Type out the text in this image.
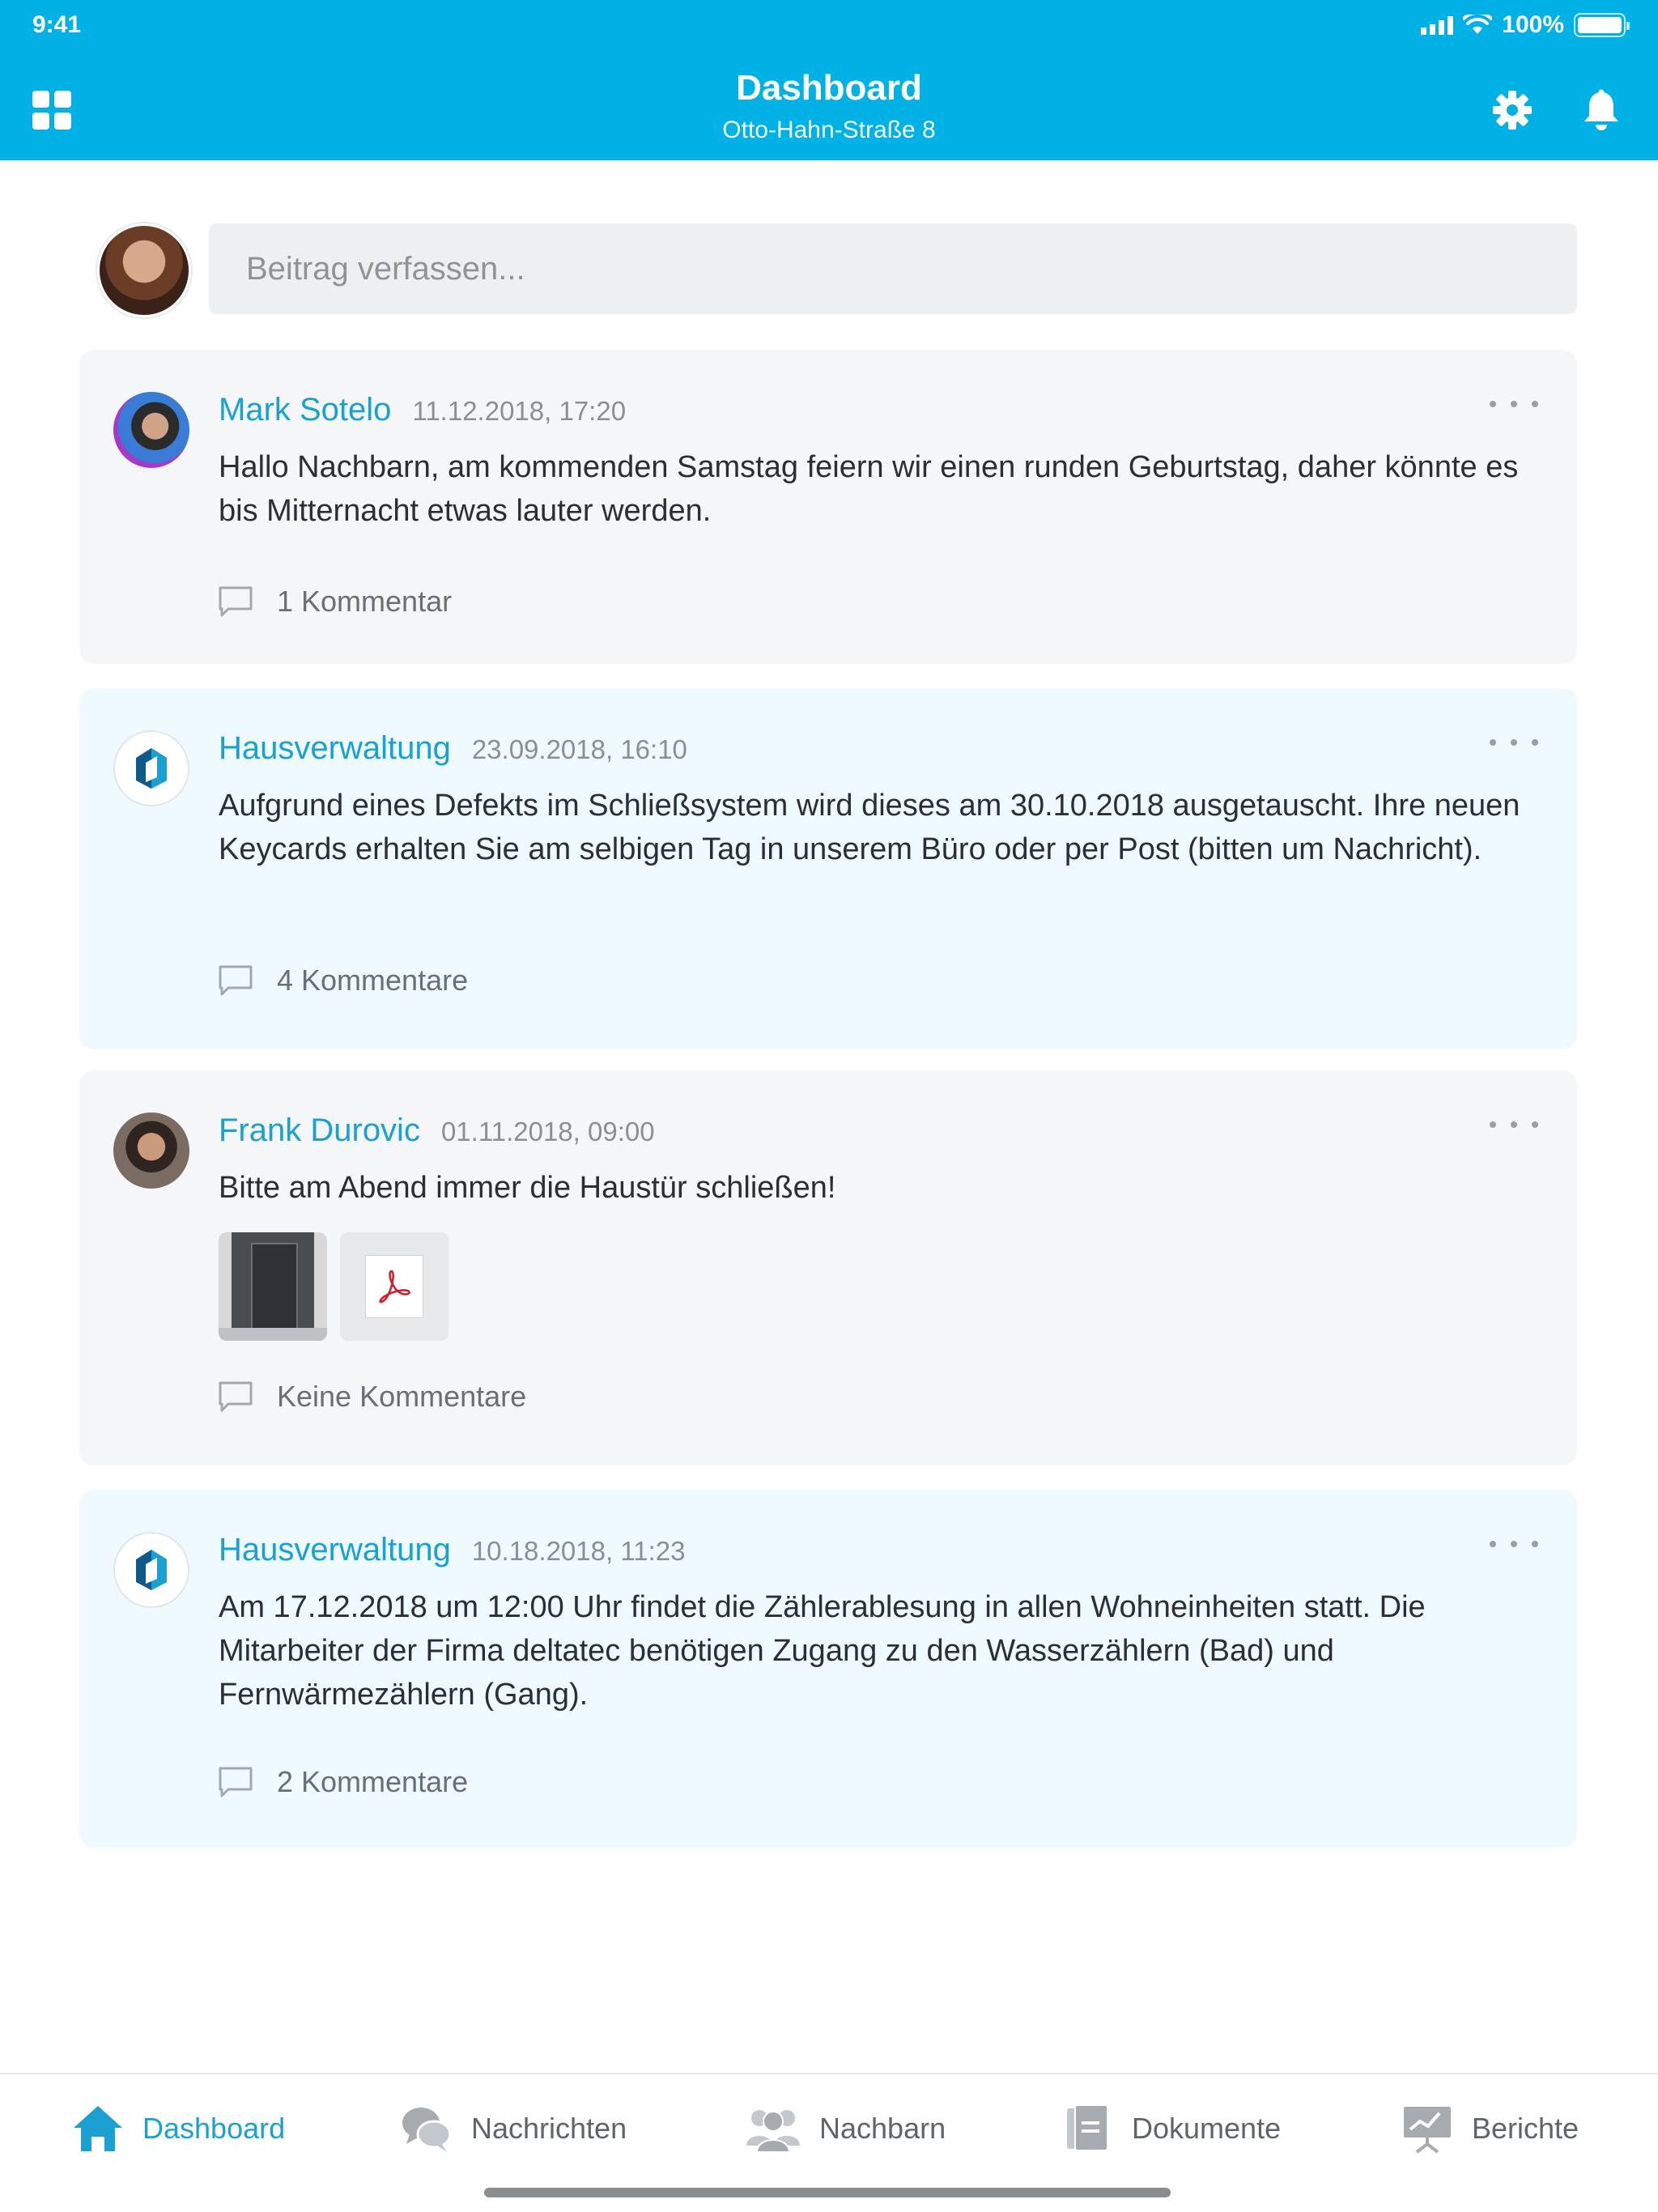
9:41	100%
Dashboard
Otto-Hahn-Straße 8
Beitrag verfassen...
Mark Sotelo 11.12.2018, 17:20
Hallo Nachbarn, am kommenden Samstag feiern wir einen runden Geburtstag, daher könnte es bis Mitternacht etwas lauter werden.
1 Kommentar
Hausverwaltung 23.09.2018, 16:10
Aufgrund eines Defekts im Schließsystem wird dieses am 30.10.2018 ausgetauscht. Ihre neuen Keycards erhalten Sie am selbigen Tag in unserem Büro oder per Post (bitten um Nachricht).
4 Kommentare
Frank Durovic 01.11.2018, 09:00
Bitte am Abend immer die Haustür schließen!
Keine Kommentare
Hausverwaltung 10.18.2018, 11:23
Am 17.12.2018 um 12:00 Uhr findet die Zählerablesung in allen Wohneinheiten statt. Die Mitarbeiter der Firma deltatec benötigen Zugang zu den Wasserzählern (Bad) und Fernwärmezählern (Gang).
2 Kommentare
Dashboard	Nachrichten	Nachbarn	Dokumente	Berichte
